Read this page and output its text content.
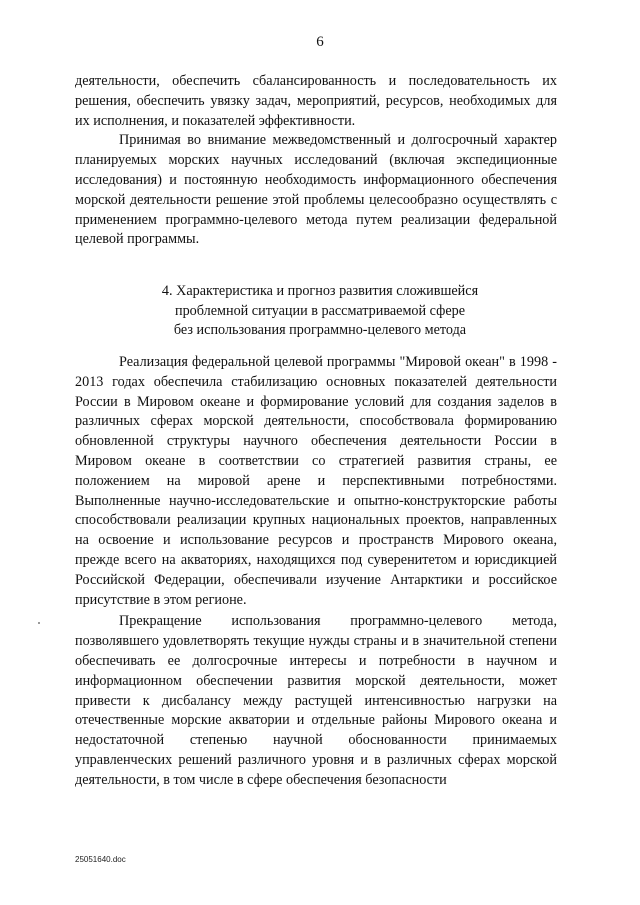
6

деятельности, обеспечить сбалансированность и последовательность их решения, обеспечить увязку задач, мероприятий, ресурсов, необходимых для их исполнения, и показателей эффективности.

Принимая во внимание межведомственный и долгосрочный характер планируемых морских научных исследований (включая экспедиционные исследования) и постоянную необходимость информационного обеспечения морской деятельности решение этой проблемы целесообразно осуществлять с применением программно-целевого метода путем реализации федеральной целевой программы.

4. Характеристика и прогноз развития сложившейся
проблемной ситуации в рассматриваемой сфере
без использования программно-целевого метода

Реализация федеральной целевой программы "Мировой океан" в 1998 - 2013 годах обеспечила стабилизацию основных показателей деятельности России в Мировом океане и формирование условий для создания заделов в различных сферах морской деятельности, способствовала формированию обновленной структуры научного обеспечения деятельности России в Мировом океане в соответствии со стратегией развития страны, ее положением на мировой арене и перспективными потребностями. Выполненные научно-исследовательские и опытно-конструкторские работы способствовали реализации крупных национальных проектов, направленных на освоение и использование ресурсов и пространств Мирового океана, прежде всего на акваториях, находящихся под суверенитетом и юрисдикцией Российской Федерации, обеспечивали изучение Антарктики и российское присутствие в этом регионе.

Прекращение использования программно-целевого метода, позволявшего удовлетворять текущие нужды страны и в значительной степени обеспечивать ее долгосрочные интересы и потребности в научном и информационном обеспечении развития морской деятельности, может привести к дисбалансу между растущей интенсивностью нагрузки на отечественные морские акватории и отдельные районы Мирового океана и недостаточной степенью научной обоснованности принимаемых управленческих решений различного уровня и в различных сферах морской деятельности, в том числе в сфере обеспечения безопасности

25051640.doc
